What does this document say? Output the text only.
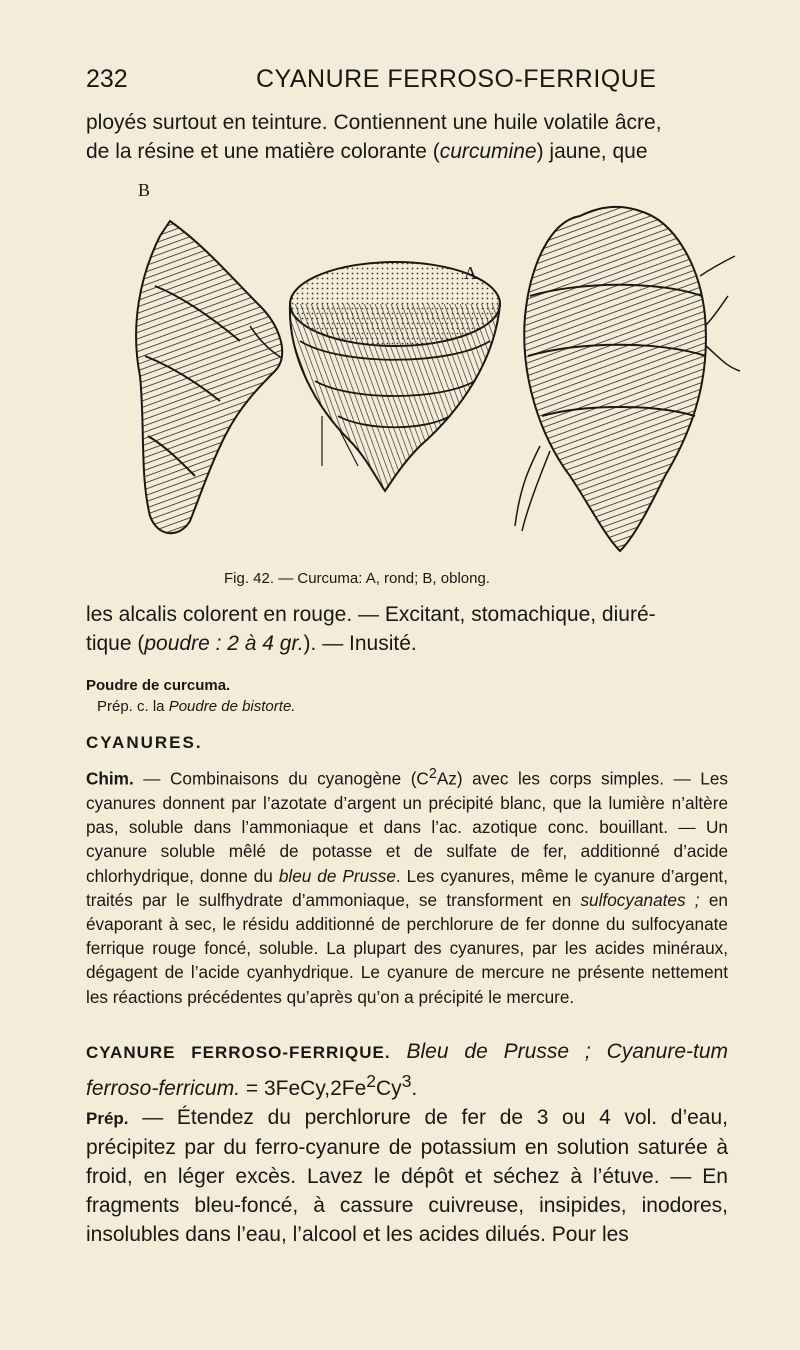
232	CYANURE FERROSO-FERRIQUE

ployés surtout en teinture. Contiennent une huile volatile âcre,
de la résine et une matière colorante (curcumine) jaune, que

B
A
Fig. 42. — Curcuma: A, rond; B, oblong.

les alcalis colorent en rouge. — Excitant, stomachique, diuré-
tique (poudre : 2 à 4 gr.). — Inusité.

Poudre de curcuma.
Prép. c. la Poudre de bistorte.
CYANURES.

Chim. — Combinaisons du cyanogène $(C^2Az)$ avec les corps simples. — Les cyanures donnent par l’azotate d’argent un précipité blanc, que la lumière n’altère pas, soluble dans l’ammoniaque et dans l’ac. azotique conc. bouillant. — Un cyanure soluble mêlé de potasse et de sulfate de fer, additionné d’acide chlorhydrique, donne du bleu de Prusse. Les cyanures, même le cyanure d’argent, traités par le sulfhydrate d’ammoniaque, se transforment en sulfocyanates ; en évaporant à sec, le résidu additionné de perchlorure de fer donne du sulfocyanate ferrique rouge foncé, soluble. La plupart des cyanures, par les acides minéraux, dégagent de l’acide cyanhydrique. Le cyanure de mercure ne présente nettement les réactions précédentes qu’après qu’on a précipité le mercure.

CYANURE FERROSO-FERRIQUE. Bleu de Prusse ; Cyanure-tum ferroso-ferricum. = $3FeCy,2Fe^2Cy^3$.
Prép. — Étendez du perchlorure de fer de 3 ou 4 vol. d’eau, précipitez par du ferro-cyanure de potassium en solution saturée à froid, en léger excès. Lavez le dépôt et séchez à l’étuve. — En fragments bleu-foncé, à cassure cuivreuse, insipides, inodores, insolubles dans l’eau, l’alcool et les acides dilués. Pour les
